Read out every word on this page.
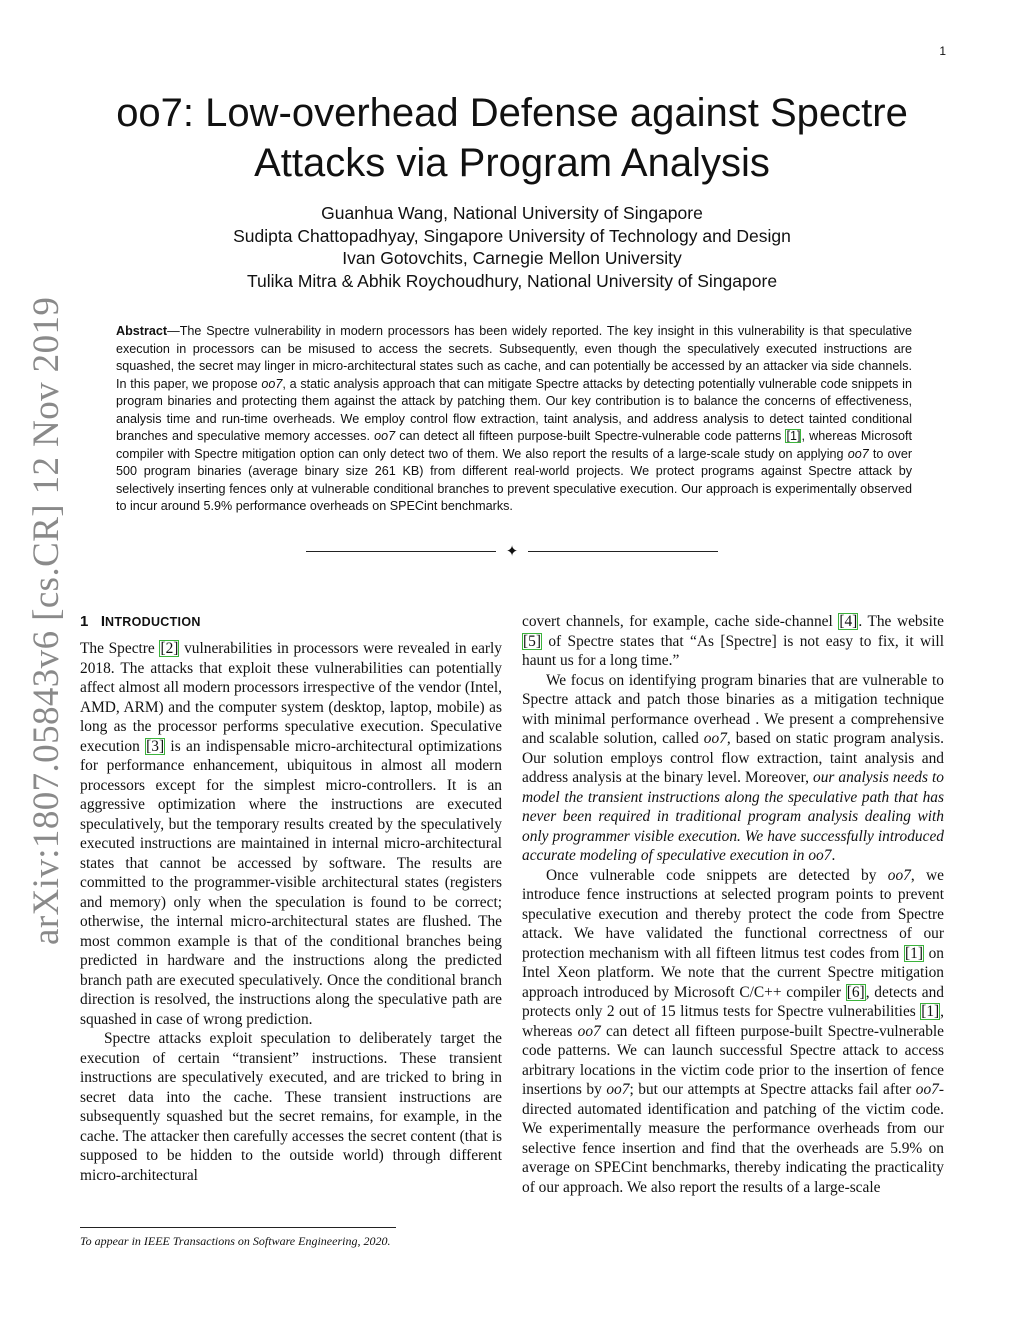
1
arXiv:1807.05843v6 [cs.CR] 12 Nov 2019
oo7: Low-overhead Defense against Spectre
Attacks via Program Analysis
Guanhua Wang, National University of Singapore
Sudipta Chattopadhyay, Singapore University of Technology and Design
Ivan Gotovchits, Carnegie Mellon University
Tulika Mitra & Abhik Roychoudhury, National University of Singapore

Abstract—The Spectre vulnerability in modern processors has been widely reported. The key insight in this vulnerability is that speculative execution in processors can be misused to access the secrets. Subsequently, even though the speculatively executed instructions are squashed, the secret may linger in micro-architectural states such as cache, and can potentially be accessed by an attacker via side channels. In this paper, we propose oo7, a static analysis approach that can mitigate Spectre attacks by detecting potentially vulnerable code snippets in program binaries and protecting them against the attack by patching them. Our key contribution is to balance the concerns of effectiveness, analysis time and run-time overheads. We employ control flow extraction, taint analysis, and address analysis to detect tainted conditional branches and speculative memory accesses. oo7 can detect all fifteen purpose-built Spectre-vulnerable code patterns [1], whereas Microsoft compiler with Spectre mitigation option can only detect two of them. We also report the results of a large-scale study on applying oo7 to over 500 program binaries (average binary size 261 KB) from different real-world projects. We protect programs against Spectre attack by selectively inserting fences only at vulnerable conditional branches to prevent speculative execution. Our approach is experimentally observed to incur around 5.9% performance overheads on SPECint benchmarks.

✦
1 INTRODUCTION

The Spectre [2] vulnerabilities in processors were revealed in early 2018. The attacks that exploit these vulnerabilities can potentially affect almost all modern processors irrespective of the vendor (Intel, AMD, ARM) and the computer system (desktop, laptop, mobile) as long as the processor performs speculative execution. Speculative execution [3] is an indispensable micro-architectural optimizations for performance enhancement, ubiquitous in almost all modern processors except for the simplest micro-controllers. It is an aggressive optimization where the instructions are executed speculatively, but the temporary results created by the speculatively executed instructions are maintained in internal micro-architectural states that cannot be accessed by software. The results are committed to the programmer-visible architectural states (registers and memory) only when the speculation is found to be correct; otherwise, the internal micro-architectural states are flushed. The most common example is that of the conditional branches being predicted in hardware and the instructions along the predicted branch path are executed speculatively. Once the conditional branch direction is resolved, the instructions along the speculative path are squashed in case of wrong prediction.

Spectre attacks exploit speculation to deliberately target the execution of certain “transient” instructions. These transient instructions are speculatively executed, and are tricked to bring in secret data into the cache. These transient instructions are subsequently squashed but the secret remains, for example, in the cache. The attacker then carefully accesses the secret content (that is supposed to be hidden to the outside world) through different micro-architectural

covert channels, for example, cache side-channel [4]. The website [5] of Spectre states that “As [Spectre] is not easy to fix, it will haunt us for a long time.”

We focus on identifying program binaries that are vulnerable to Spectre attack and patch those binaries as a mitigation technique with minimal performance overhead . We present a comprehensive and scalable solution, called oo7, based on static program analysis. Our solution employs control flow extraction, taint analysis and address analysis at the binary level. Moreover, our analysis needs to model the transient instructions along the speculative path that has never been required in traditional program analysis dealing with only programmer visible execution. We have successfully introduced accurate modeling of speculative execution in oo7.

Once vulnerable code snippets are detected by oo7, we introduce fence instructions at selected program points to prevent speculative execution and thereby protect the code from Spectre attack. We have validated the functional correctness of our protection mechanism with all fifteen litmus test codes from [1] on Intel Xeon platform. We note that the current Spectre mitigation approach introduced by Microsoft C/C++ compiler [6], detects and protects only 2 out of 15 litmus tests for Spectre vulnerabilities [1], whereas oo7 can detect all fifteen purpose-built Spectre-vulnerable code patterns. We can launch successful Spectre attack to access arbitrary locations in the victim code prior to the insertion of fence insertions by oo7; but our attempts at Spectre attacks fail after oo7-directed automated identification and patching of the victim code. We experimentally measure the performance overheads from our selective fence insertion and find that the overheads are 5.9% on average on SPECint benchmarks, thereby indicating the practicality of our approach. We also report the results of a large-scale

To appear in IEEE Transactions on Software Engineering, 2020.
